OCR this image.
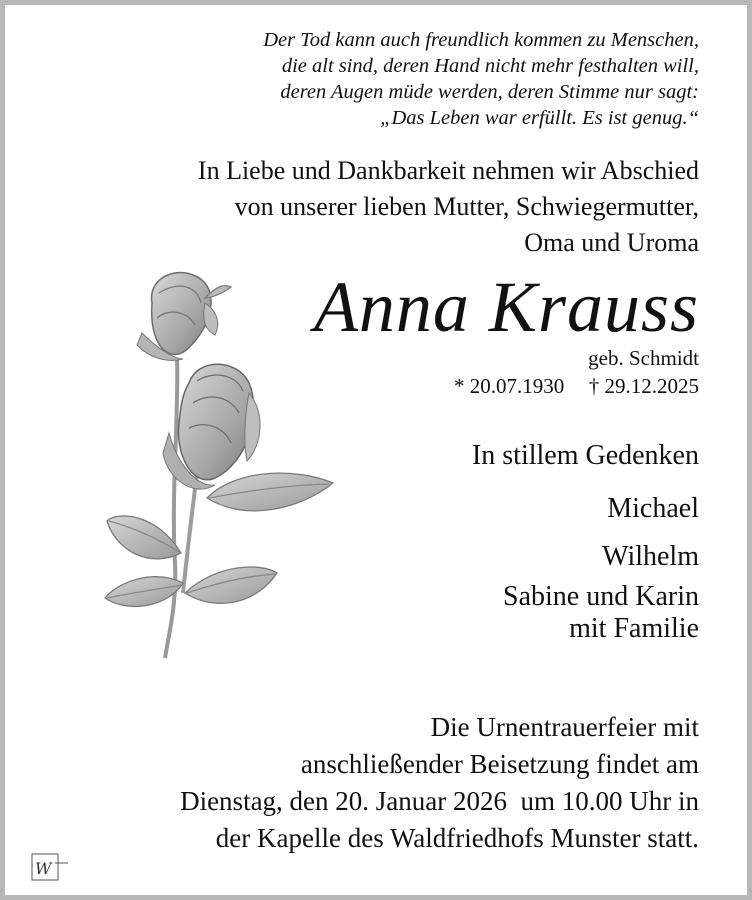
Der Tod kann auch freundlich kommen zu Menschen,
die alt sind, deren Hand nicht mehr festhalten will,
deren Augen müde werden, deren Stimme nur sagt:
„Das Leben war erfüllt. Es ist genug.“
In Liebe und Dankbarkeit nehmen wir Abschied
von unserer lieben Mutter, Schwiegermutter,
Oma und Uroma
Anna Krauss
geb. Schmidt
* 20.07.1930 † 29.12.2025
In stillem Gedenken
Michael
Wilhelm
Sabine und Karin
mit Familie
Die Urnentrauerfeier mit
anschließender Beisetzung findet am
Dienstag, den 20. Januar 2026  um 10.00 Uhr in
der Kapelle des Waldfriedhofs Munster statt.
W
